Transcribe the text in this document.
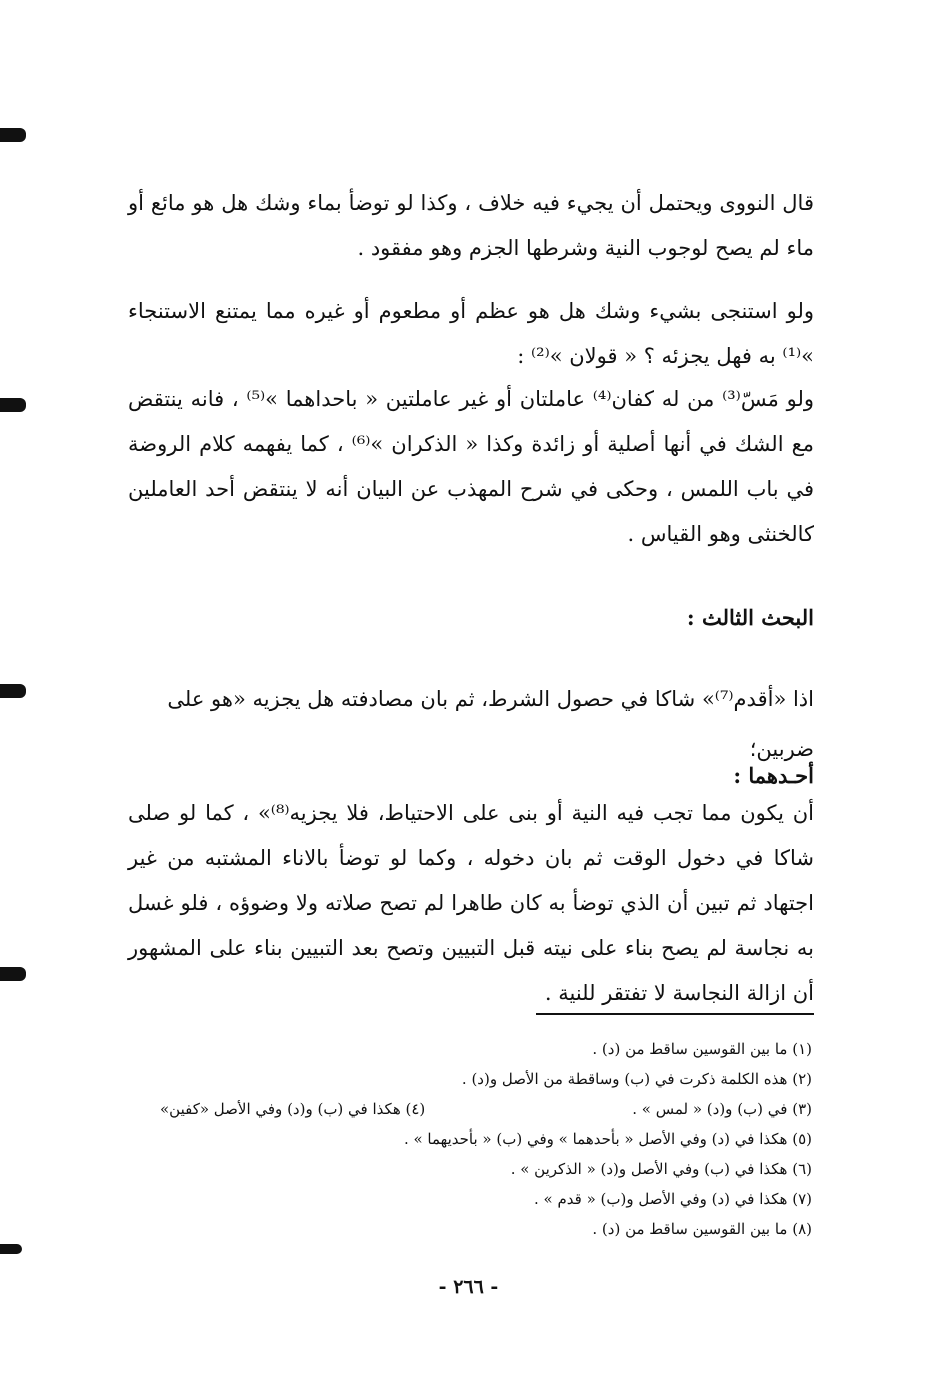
قال النووى ويحتمل أن يجيء فيه خلاف ، وكذا لو توضأ بماء وشك هل هو مائع أو ماء لم يصح لوجوب النية وشرطها الجزم وهو مفقود .

ولو استنجى بشيء وشك هل هو عظم أو مطعوم أو غيره مما يمتنع الاستنجاء »⁽¹⁾ به فهل يجزئه ؟ « قولان »⁽²⁾ :

ولو مَسّ⁽³⁾ من له كفان⁽⁴⁾ عاملتان أو غير عاملتين « باحداهما »⁽⁵⁾ ، فانه ينتقض مع الشك في أنها أصلية أو زائدة وكذا « الذكران »⁽⁶⁾ ، كما يفهمه كلام الروضة في باب اللمس ، وحكى في شرح المهذب عن البيان أنه لا ينتقض أحد العاملين كالخنثى وهو القياس .

البحث الثالث :

اذا «أقدم⁽⁷⁾» شاكا في حصول الشرط، ثم بان مصادفته هل يجزيه «هو على

ضربين؛

أحـدهما :

أن يكون مما تجب فيه النية أو بنى على الاحتياط، فلا يجزيه⁽⁸⁾» ، كما لو صلى شاكا في دخول الوقت ثم بان دخوله ، وكما لو توضأ بالاناء المشتبه من غير اجتهاد ثم تبين أن الذي توضأ به كان طاهرا لم تصح صلاته ولا وضوؤه ، فلو غسل به نجاسة لم يصح بناء على نيته قبل التبيين وتصح بعد التبيين بناء على المشهور أن ازالة النجاسة لا تفتقر للنية .

(١) ما بين القوسين ساقط من (د) .
(٢) هذه الكلمة ذكرت في (ب) وساقطة من الأصل و(د) .
(٣) في (ب) و(د) « لمس » .
(٤) هكذا في (ب) و(د) وفي الأصل «كفين»
(٥) هكذا في (د) وفي الأصل « بأحدهما » وفي (ب) « بأحديهما » .
(٦) هكذا في (ب) وفي الأصل و(د) « الذكرين » .
(٧) هكذا في (د) وفي الأصل و(ب) « قدم » .
(٨) ما بين القوسين ساقط من (د) .
- ٢٦٦ -
